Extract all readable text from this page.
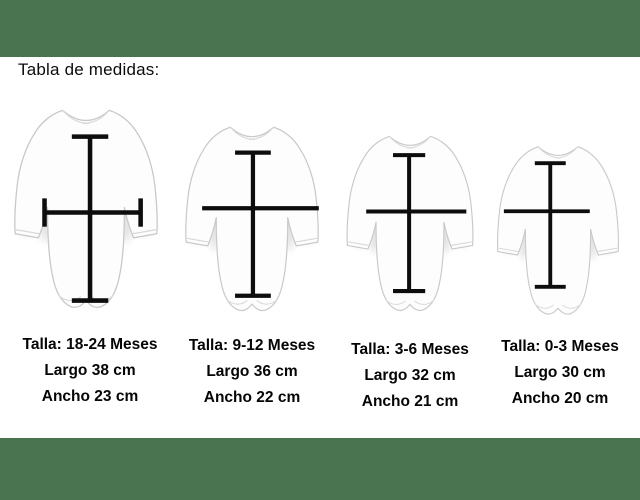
Tabla de medidas:
Talla: 18-24 Meses
Largo 38 cm
Ancho 23 cm
Talla: 9-12 Meses
Largo 36 cm
Ancho 22 cm
Talla: 3-6 Meses
Largo 32 cm
Ancho 21 cm
Talla: 0-3 Meses
Largo 30 cm
Ancho 20 cm
